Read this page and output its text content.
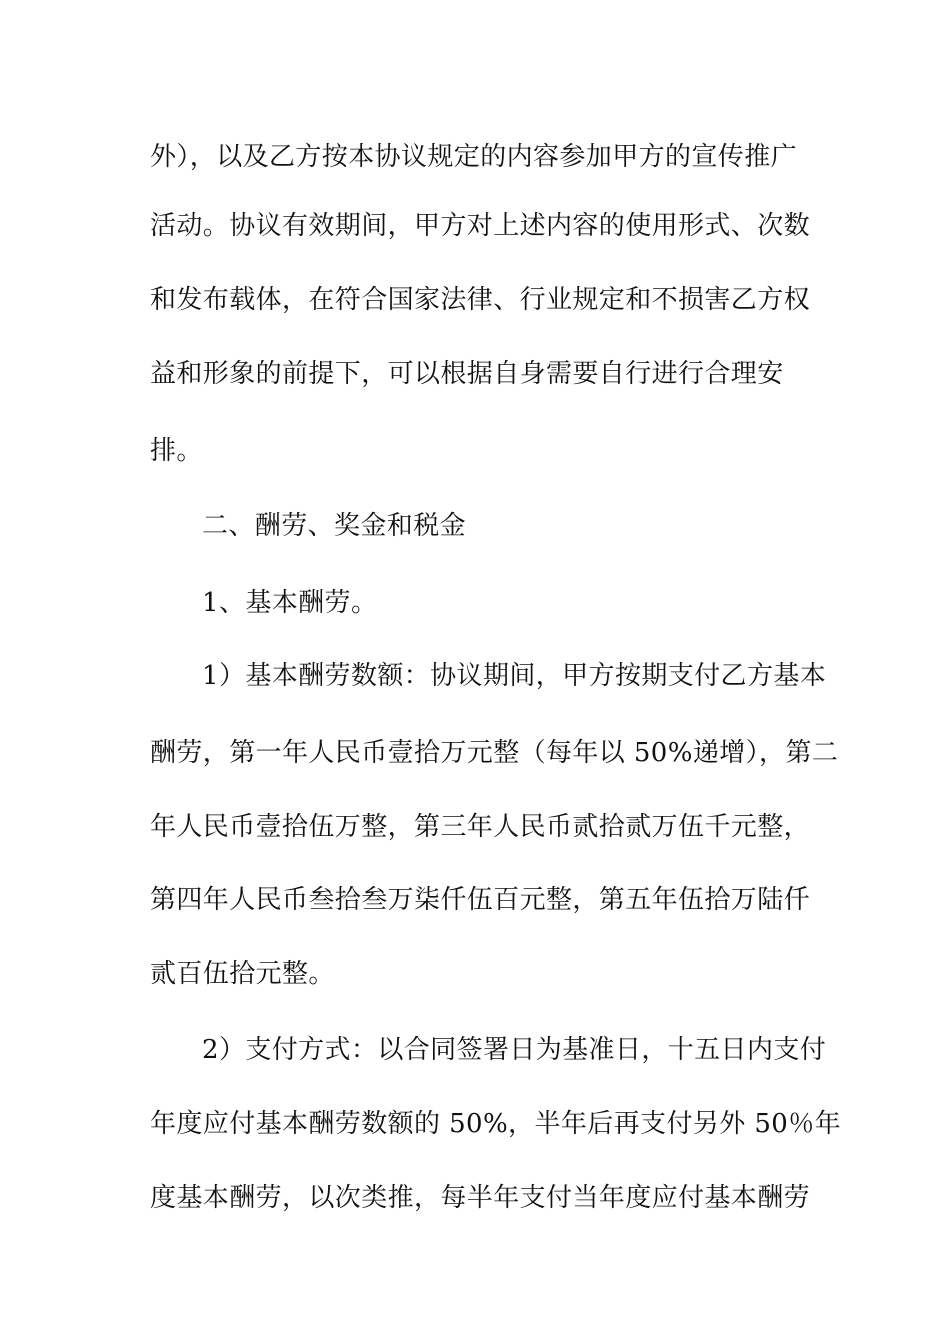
外），以及乙方按本协议规定的内容参加甲方的宣传推广
活动。协议有效期间，甲方对上述内容的使用形式、次数
和发布载体，在符合国家法律、行业规定和不损害乙方权
益和形象的前提下，可以根据自身需要自行进行合理安
排。
二、酬劳、奖金和税金
1、基本酬劳。
1）基本酬劳数额：协议期间，甲方按期支付乙方基本
酬劳，第一年人民币壹拾万元整（每年以 50%递增），第二
年人民币壹拾伍万整，第三年人民币贰拾贰万伍千元整，
第四年人民币叁拾叁万柒仟伍百元整，第五年伍拾万陆仟
贰百伍拾元整。
2）支付方式：以合同签署日为基准日，十五日内支付
年度应付基本酬劳数额的 50%，半年后再支付另外 50％年
度基本酬劳，以次类推，每半年支付当年度应付基本酬劳
